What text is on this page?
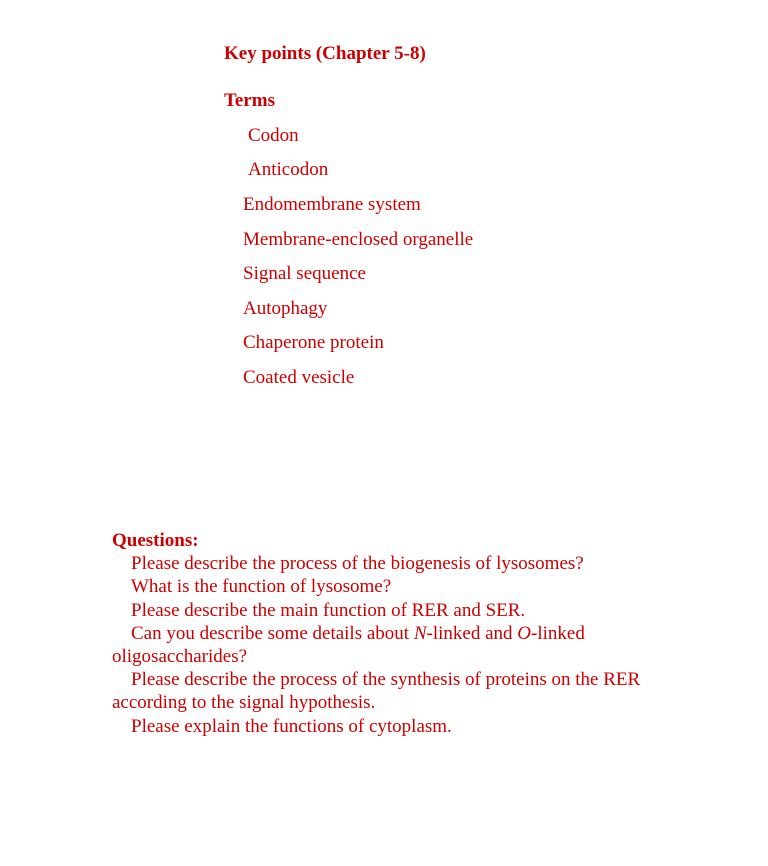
Key points (Chapter 5-8)
Terms
Codon
Anticodon
Endomembrane system
Membrane-enclosed organelle
Signal sequence
Autophagy
Chaperone protein
Coated vesicle
Questions:
Please describe the process of the biogenesis of lysosomes?
What is the function of lysosome?
Please describe the main function of RER and SER.
Can you describe some details about N-linked and O-linked oligosaccharides?
Please describe the process of the synthesis of proteins on the RER according to the signal hypothesis.
Please explain the functions of cytoplasm.
